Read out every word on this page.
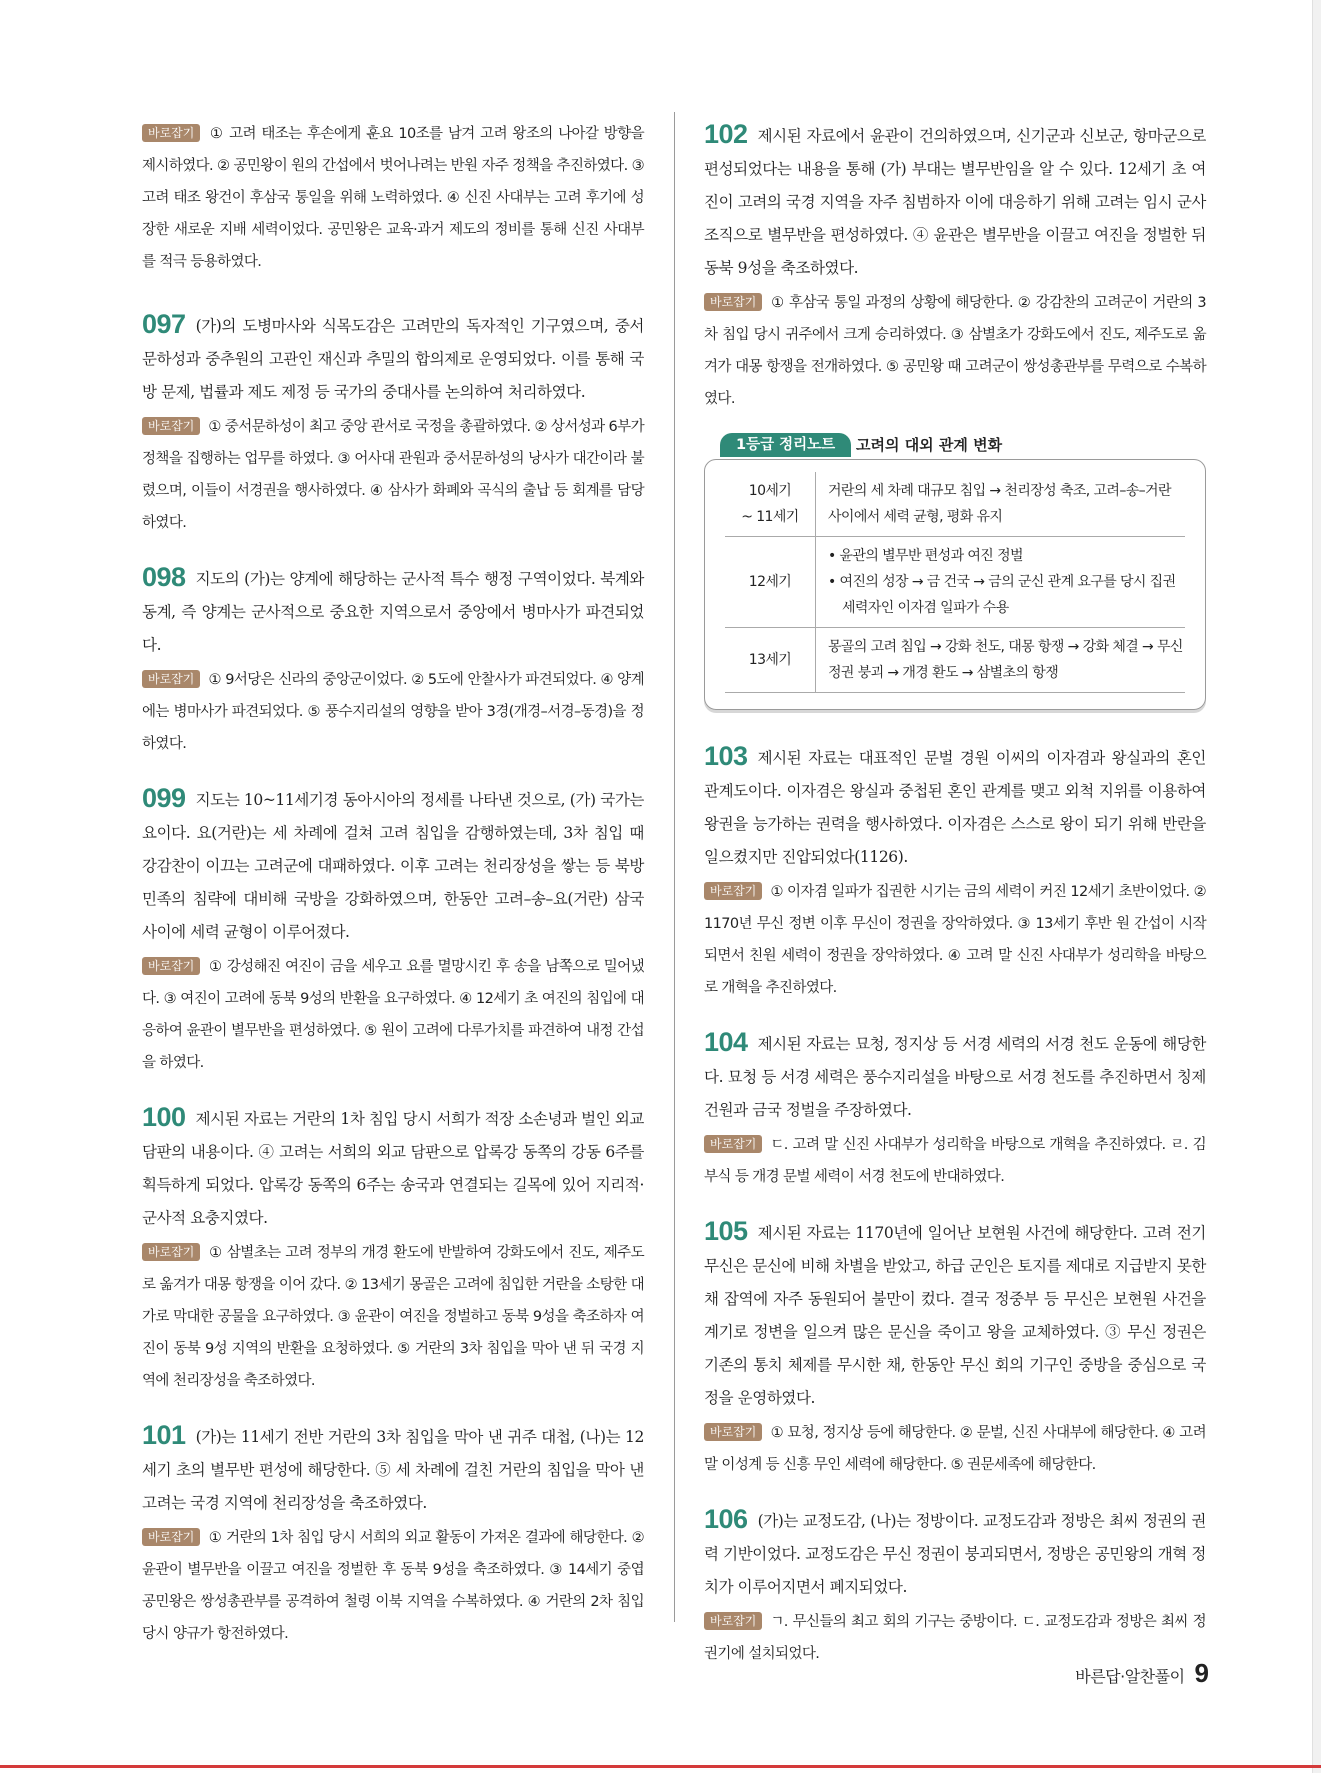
바로잡기 ① 고려 태조는 후손에게 훈요 10조를 남겨 고려 왕조의 나아갈 방향을 제시하였다. ② 공민왕이 원의 간섭에서 벗어나려는 반원 자주 정책을 추진하였다. ③ 고려 태조 왕건이 후삼국 통일을 위해 노력하였다. ④ 신진 사대부는 고려 후기에 성장한 새로운 지배 세력이었다. 공민왕은 교육·과거 제도의 정비를 통해 신진 사대부를 적극 등용하였다.

097 (가)의 도병마사와 식목도감은 고려만의 독자적인 기구였으며, 중서문하성과 중추원의 고관인 재신과 추밀의 합의제로 운영되었다. 이를 통해 국방 문제, 법률과 제도 제정 등 국가의 중대사를 논의하여 처리하였다.

바로잡기 ① 중서문하성이 최고 중앙 관서로 국정을 총괄하였다. ② 상서성과 6부가 정책을 집행하는 업무를 하였다. ③ 어사대 관원과 중서문하성의 낭사가 대간이라 불렸으며, 이들이 서경권을 행사하였다. ④ 삼사가 화폐와 곡식의 출납 등 회계를 담당하였다.

098 지도의 (가)는 양계에 해당하는 군사적 특수 행정 구역이었다. 북계와 동계, 즉 양계는 군사적으로 중요한 지역으로서 중앙에서 병마사가 파견되었다.

바로잡기 ① 9서당은 신라의 중앙군이었다. ② 5도에 안찰사가 파견되었다. ④ 양계에는 병마사가 파견되었다. ⑤ 풍수지리설의 영향을 받아 3경(개경–서경–동경)을 정하였다.

099 지도는 10~11세기경 동아시아의 정세를 나타낸 것으로, (가) 국가는 요이다. 요(거란)는 세 차례에 걸쳐 고려 침입을 감행하였는데, 3차 침입 때 강감찬이 이끄는 고려군에 대패하였다. 이후 고려는 천리장성을 쌓는 등 북방 민족의 침략에 대비해 국방을 강화하였으며, 한동안 고려–송–요(거란) 삼국 사이에 세력 균형이 이루어졌다.

바로잡기 ① 강성해진 여진이 금을 세우고 요를 멸망시킨 후 송을 남쪽으로 밀어냈다. ③ 여진이 고려에 동북 9성의 반환을 요구하였다. ④ 12세기 초 여진의 침입에 대응하여 윤관이 별무반을 편성하였다. ⑤ 원이 고려에 다루가치를 파견하여 내정 간섭을 하였다.

100 제시된 자료는 거란의 1차 침입 당시 서희가 적장 소손녕과 벌인 외교 담판의 내용이다. ④ 고려는 서희의 외교 담판으로 압록강 동쪽의 강동 6주를 획득하게 되었다. 압록강 동쪽의 6주는 송국과 연결되는 길목에 있어 지리적·군사적 요충지였다.

바로잡기 ① 삼별초는 고려 정부의 개경 환도에 반발하여 강화도에서 진도, 제주도로 옮겨가 대몽 항쟁을 이어 갔다. ② 13세기 몽골은 고려에 침입한 거란을 소탕한 대가로 막대한 공물을 요구하였다. ③ 윤관이 여진을 정벌하고 동북 9성을 축조하자 여진이 동북 9성 지역의 반환을 요청하였다. ⑤ 거란의 3차 침입을 막아 낸 뒤 국경 지역에 천리장성을 축조하였다.

101 (가)는 11세기 전반 거란의 3차 침입을 막아 낸 귀주 대첩, (나)는 12세기 초의 별무반 편성에 해당한다. ⑤ 세 차례에 걸친 거란의 침입을 막아 낸 고려는 국경 지역에 천리장성을 축조하였다.

바로잡기 ① 거란의 1차 침입 당시 서희의 외교 활동이 가져온 결과에 해당한다. ② 윤관이 별무반을 이끌고 여진을 정벌한 후 동북 9성을 축조하였다. ③ 14세기 중엽 공민왕은 쌍성총관부를 공격하여 철령 이북 지역을 수복하였다. ④ 거란의 2차 침입 당시 양규가 항전하였다.

102 제시된 자료에서 윤관이 건의하였으며, 신기군과 신보군, 항마군으로 편성되었다는 내용을 통해 (가) 부대는 별무반임을 알 수 있다. 12세기 초 여진이 고려의 국경 지역을 자주 침범하자 이에 대응하기 위해 고려는 임시 군사 조직으로 별무반을 편성하였다. ④ 윤관은 별무반을 이끌고 여진을 정벌한 뒤 동북 9성을 축조하였다.

바로잡기 ① 후삼국 통일 과정의 상황에 해당한다. ② 강감찬의 고려군이 거란의 3차 침입 당시 귀주에서 크게 승리하였다. ③ 삼별초가 강화도에서 진도, 제주도로 옮겨가 대몽 항쟁을 전개하였다. ⑤ 공민왕 때 고려군이 쌍성총관부를 무력으로 수복하였다.

1등급 정리노트	고려의 대외 관계 변화
10세기
~ 11세기	거란의 세 차례 대규모 침입 → 천리장성 축조, 고려–송–거란 사이에서 세력 균형, 평화 유지
12세기	• 윤관의 별무반 편성과 여진 정벌
• 여진의 성장 → 금 건국 → 금의 군신 관계 요구를 당시 집권 세력자인 이자겸 일파가 수용

13세기	몽골의 고려 침입 → 강화 천도, 대몽 항쟁 → 강화 체결 → 무신 정권 붕괴 → 개경 환도 → 삼별초의 항쟁

103 제시된 자료는 대표적인 문벌 경원 이씨의 이자겸과 왕실과의 혼인 관계도이다. 이자겸은 왕실과 중첩된 혼인 관계를 맺고 외척 지위를 이용하여 왕권을 능가하는 권력을 행사하였다. 이자겸은 스스로 왕이 되기 위해 반란을 일으켰지만 진압되었다(1126).

바로잡기 ① 이자겸 일파가 집권한 시기는 금의 세력이 커진 12세기 초반이었다. ② 1170년 무신 정변 이후 무신이 정권을 장악하였다. ③ 13세기 후반 원 간섭이 시작되면서 친원 세력이 정권을 장악하였다. ④ 고려 말 신진 사대부가 성리학을 바탕으로 개혁을 추진하였다.

104 제시된 자료는 묘청, 정지상 등 서경 세력의 서경 천도 운동에 해당한다. 묘청 등 서경 세력은 풍수지리설을 바탕으로 서경 천도를 추진하면서 칭제 건원과 금국 정벌을 주장하였다.

바로잡기 ㄷ. 고려 말 신진 사대부가 성리학을 바탕으로 개혁을 추진하였다. ㄹ. 김부식 등 개경 문벌 세력이 서경 천도에 반대하였다.

105 제시된 자료는 1170년에 일어난 보현원 사건에 해당한다. 고려 전기 무신은 문신에 비해 차별을 받았고, 하급 군인은 토지를 제대로 지급받지 못한 채 잡역에 자주 동원되어 불만이 컸다. 결국 정중부 등 무신은 보현원 사건을 계기로 정변을 일으켜 많은 문신을 죽이고 왕을 교체하였다. ③ 무신 정권은 기존의 통치 체제를 무시한 채, 한동안 무신 회의 기구인 중방을 중심으로 국정을 운영하였다.

바로잡기 ① 묘청, 정지상 등에 해당한다. ② 문벌, 신진 사대부에 해당한다. ④ 고려 말 이성계 등 신흥 무인 세력에 해당한다. ⑤ 권문세족에 해당한다.

106 (가)는 교정도감, (나)는 정방이다. 교정도감과 정방은 최씨 정권의 권력 기반이었다. 교정도감은 무신 정권이 붕괴되면서, 정방은 공민왕의 개혁 정치가 이루어지면서 폐지되었다.

바로잡기 ㄱ. 무신들의 최고 회의 기구는 중방이다. ㄷ. 교정도감과 정방은 최씨 정권기에 설치되었다.

바른답·알찬풀이 9
